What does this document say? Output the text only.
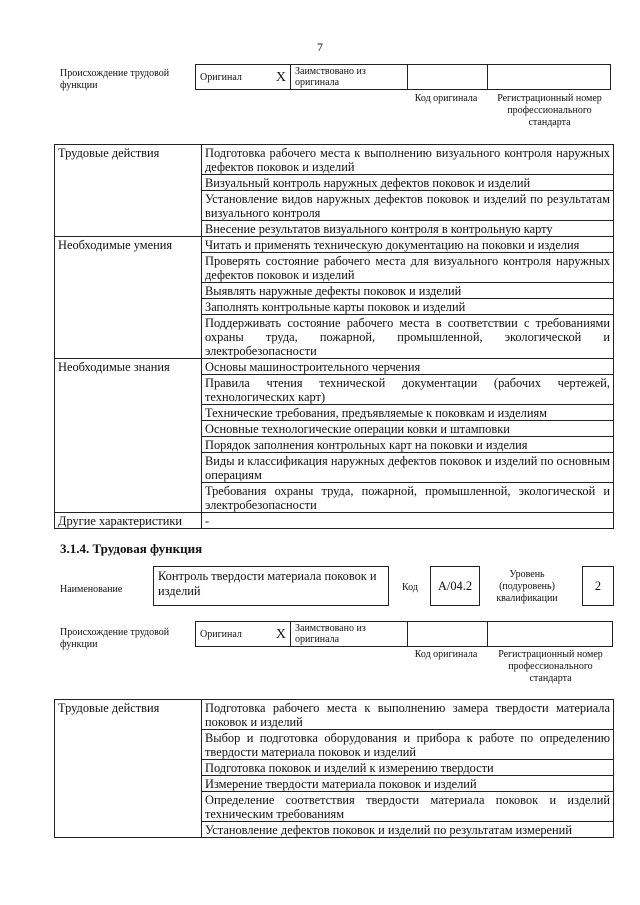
7
Происхождение трудовой функции
Оригинал X	Заимствовано из оригинала		
Код оригинала	Регистрационный номер профессионального стандарта
Трудовые действия	Подготовка рабочего места к выполнению визуального контроля наружных дефектов поковок и изделий
	Визуальный контроль наружных дефектов поковок и изделий
	Установление видов наружных дефектов поковок и изделий по результатам визуального контроля
	Внесение результатов визуального контроля в контрольную карту
Необходимые умения	Читать и применять техническую документацию на поковки и изделия
	Проверять состояние рабочего места для визуального контроля наружных дефектов поковок и изделий
	Выявлять наружные дефекты поковок и изделий
	Заполнять контрольные карты поковок и изделий
	Поддерживать состояние рабочего места в соответствии с требованиями охраны труда, пожарной, промышленной, экологической и электробезопасности
Необходимые знания	Основы машиностроительного черчения
	Правила чтения технической документации (рабочих чертежей, технологических карт)
	Технические требования, предъявляемые к поковкам и изделиям
	Основные технологические операции ковки и штамповки
	Порядок заполнения контрольных карт на поковки и изделия
	Виды и классификация наружных дефектов поковок и изделий по основным операциям
	Требования охраны труда, пожарной, промышленной, экологической и электробезопасности
Другие характеристики	-
3.1.4. Трудовая функция
Наименование
Контроль твердости материала поковок и изделий	Код	А/04.2
Уровень (подуровень) квалификации
2
Происхождение трудовой функции
Оригинал X	Заимствовано из оригинала		
Код оригинала	Регистрационный номер профессионального стандарта
Трудовые действия	Подготовка рабочего места к выполнению замера твердости материала поковок и изделий
	Выбор и подготовка оборудования и прибора к работе по определению твердости материала поковок и изделий
	Подготовка поковок и изделий к измерению твердости
	Измерение твердости материала поковок и изделий
	Определение соответствия твердости материала поковок и изделий техническим требованиям
	Установление дефектов поковок и изделий по результатам измерений
